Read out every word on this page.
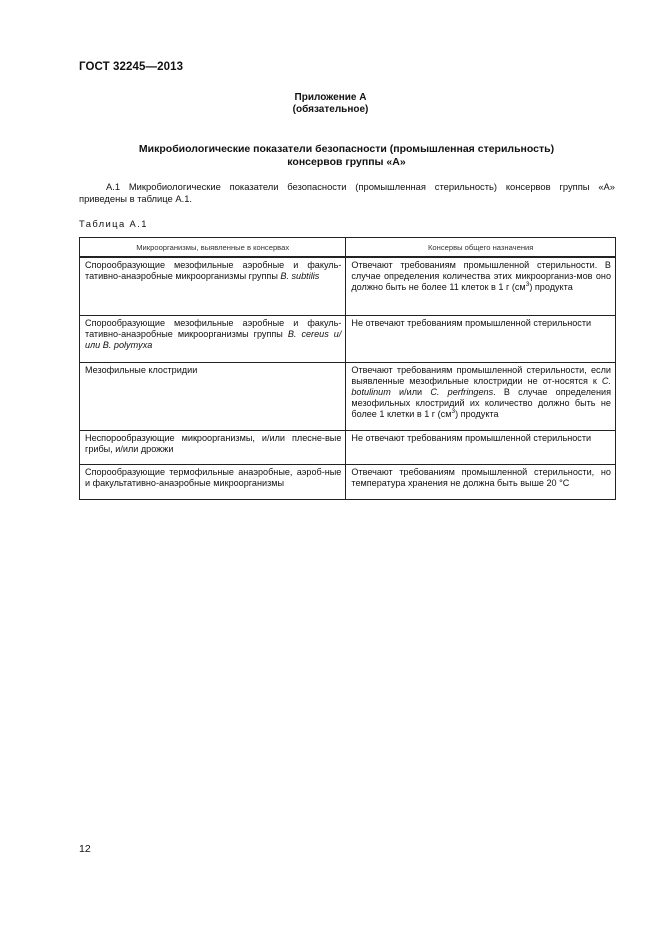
ГОСТ 32245—2013
Приложение А
(обязательное)
Микробиологические показатели безопасности (промышленная стерильность)
консервов группы «А»
А.1 Микробиологические показатели безопасности (промышленная стерильность) консервов группы «А»
приведены в таблице А.1.
Таблица А.1
Микроорганизмы, выявленные в консервах	Консервы общего назначения
Спорообразующие мезофильные аэробные и факуль-тативно-анаэробные микроорганизмы группы B. subtilis	Отвечают требованиям промышленной стерильности. В случае определения количества этих микроорганиз-мов оно должно быть не более 11 клеток в 1 г $(см^3)$ продукта
Спорообразующие мезофильные аэробные и факуль-тативно-анаэробные микроорганизмы группы B. cereus и/или B. polymyxa	Не отвечают требованиям промышленной стерильности
Мезофильные клостридии	Отвечают требованиям промышленной стерильности, если выявленные мезофильные клостридии не от-носятся к C. botulinum и/или C. perfringens. В случае определения мезофильных клостридий их количество должно быть не более 1 клетки в 1 г $(см^3)$ продукта
Неспорообразующие микроорганизмы, и/или плесне-вые грибы, и/или дрожжи	Не отвечают требованиям промышленной стерильности
Спорообразующие термофильные анаэробные, аэроб-ные и факультативно-анаэробные микроорганизмы	Отвечают требованиям промышленной стерильности, но температура хранения не должна быть выше 20 °С
12
